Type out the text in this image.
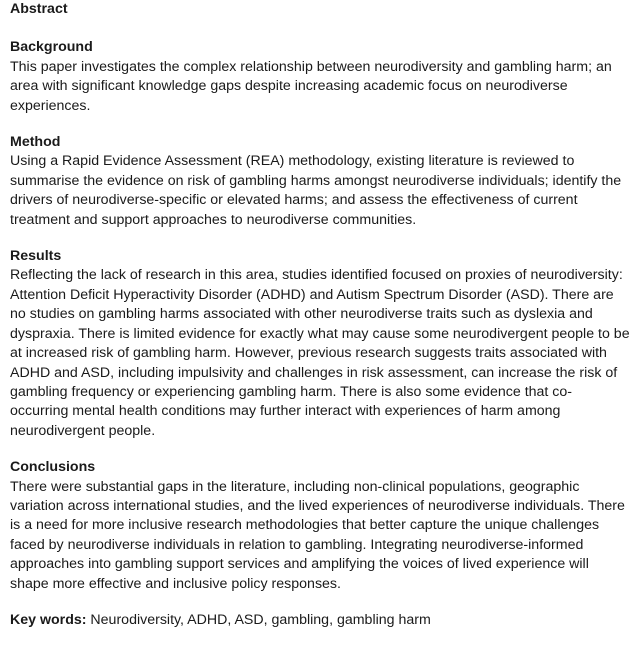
Abstract

Background

This paper investigates the complex relationship between neurodiversity and gambling harm; an area with significant knowledge gaps despite increasing academic focus on neurodiverse experiences.

Method

Using a Rapid Evidence Assessment (REA) methodology, existing literature is reviewed to summarise the evidence on risk of gambling harms amongst neurodiverse individuals; identify the drivers of neurodiverse-specific or elevated harms; and assess the effectiveness of current treatment and support approaches to neurodiverse communities.

Results

Reflecting the lack of research in this area, studies identified focused on proxies of neurodiversity: Attention Deficit Hyperactivity Disorder (ADHD) and Autism Spectrum Disorder (ASD). There are no studies on gambling harms associated with other neurodiverse traits such as dyslexia and dyspraxia. There is limited evidence for exactly what may cause some neurodivergent people to be at increased risk of gambling harm. However, previous research suggests traits associated with ADHD and ASD, including impulsivity and challenges in risk assessment, can increase the risk of gambling frequency or experiencing gambling harm. There is also some evidence that co-occurring mental health conditions may further interact with experiences of harm among neurodivergent people.

Conclusions

There were substantial gaps in the literature, including non-clinical populations, geographic variation across international studies, and the lived experiences of neurodiverse individuals. There is a need for more inclusive research methodologies that better capture the unique challenges faced by neurodiverse individuals in relation to gambling. Integrating neurodiverse-informed approaches into gambling support services and amplifying the voices of lived experience will shape more effective and inclusive policy responses.

Key words: Neurodiversity, ADHD, ASD, gambling, gambling harm
